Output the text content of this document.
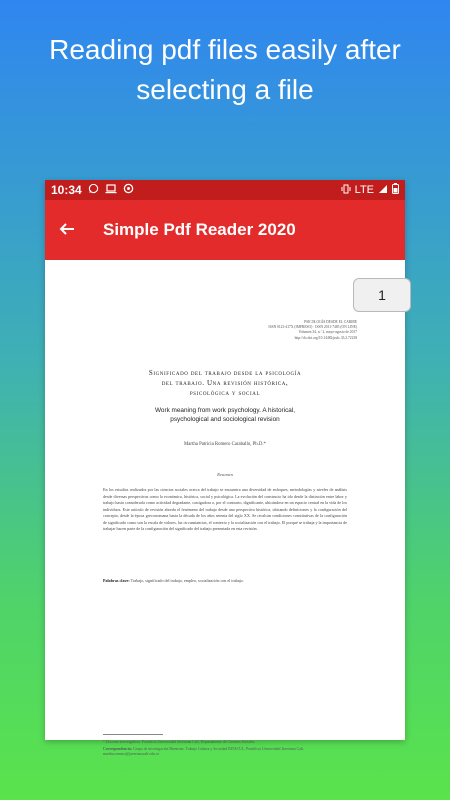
Reading pdf files easily after
selecting a file
10:34	LTE
Simple Pdf Reader 2020
1
PSICOLOGÍA DESDE EL CARIBE
ISSN 0123-417X (IMPRESO) · ISSN 2011-7485 (ON LINE)
Volumen 34, n.º 2, mayo-agosto de 2017
http://dx.doi.org/10.14482/psdc.33.2.72238
Significado del trabajo desde la psicología
del trabajo. Una revisión histórica,
psicológica y social
Work meaning from work psychology. A historical,
psychological and sociological revision
Martha Patricia Romero Caraballo, Ph.D.*
Resumen
En los estudios realizados por las ciencias sociales acerca del trabajo se encuentra una diversidad de enfoques, metodologías y niveles de análisis desde diversas perspectivas como la económica, histórica, social y psicológica. La evolución del constructo ha ido desde la distinción entre labor y trabajo hasta considerarla como actividad degradante, castigadora o, por el contrario, dignificante, ubicándose en un espacio central en la vida de los individuos. Este artículo de revisión aborda el fenómeno del trabajo desde una perspectiva histórica, ubicando definiciones y la configuración del concepto, desde la época grecorromana hasta la década de los años setenta del siglo XX. Se recalcan condiciones constitutivas de la configuración de significado como son la escala de valores, las circunstancias, el contexto y la socialización con el trabajo. El porqué se trabaja y la importancia de trabajar hacen parte de la configuración del significado del trabajo presentada en esta revisión.
Palabras clave: Trabajo, significado del trabajo, empleo, socialización con el trabajo.

* Docente investigadora. Pontificia Universidad Javeriana Cali, Departamento de Ciencias Sociales.

Correspondencia: Grupo de investigación Bienestar, Trabajo Cultura y Sociedad BITACUL, Pontificia Universidad Javeriana Cali. martha.romero@javerianacali.edu.co
